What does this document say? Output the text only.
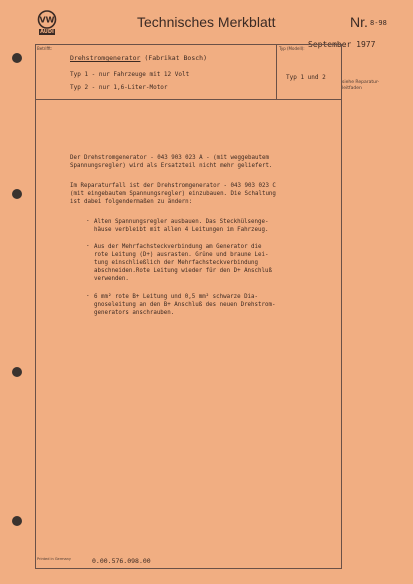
VW
AUDI
Technisches Merkblatt	Nr. 8-98
September 1977
Betrifft:	Typ (Modell):
Drehstromgenerator (Fabrikat Bosch)
Typ 1 - nur Fahrzeuge mit 12 Volt
Typ 2 - nur 1,6-Liter-Motor
Typ 1 und 2
siehe Reparatur- leitfaden
Der Drehstromgenerator - 043 903 023 A - (mit weggebautem
Spannungsregler) wird als Ersatzteil nicht mehr geliefert.
Im Reparaturfall ist der Drehstromgenerator - 043 903 023 C
(mit eingebautem Spannungsregler) einzubauen. Die Schaltung
ist dabei folgendermaßen zu ändern:
- Alten Spannungsregler ausbauen. Das Steckhülsenge-
häuse verbleibt mit allen 4 Leitungen im Fahrzeug.
- Aus der Mehrfachsteckverbindung am Generator die
rote Leitung (D+) ausrasten. Grüne und braune Lei-
tung einschließlich der Mehrfachsteckverbindung
abschneiden.Rote Leitung wieder für den D+ Anschluß
verwenden.
- 6 mm² rote B+ Leitung und 0,5 mm² schwarze Dia-
gnoseleitung an den B+ Anschluß des neuen Drehstrom-
generators anschrauben.
Printed in Germany	0.00.576.098.00
